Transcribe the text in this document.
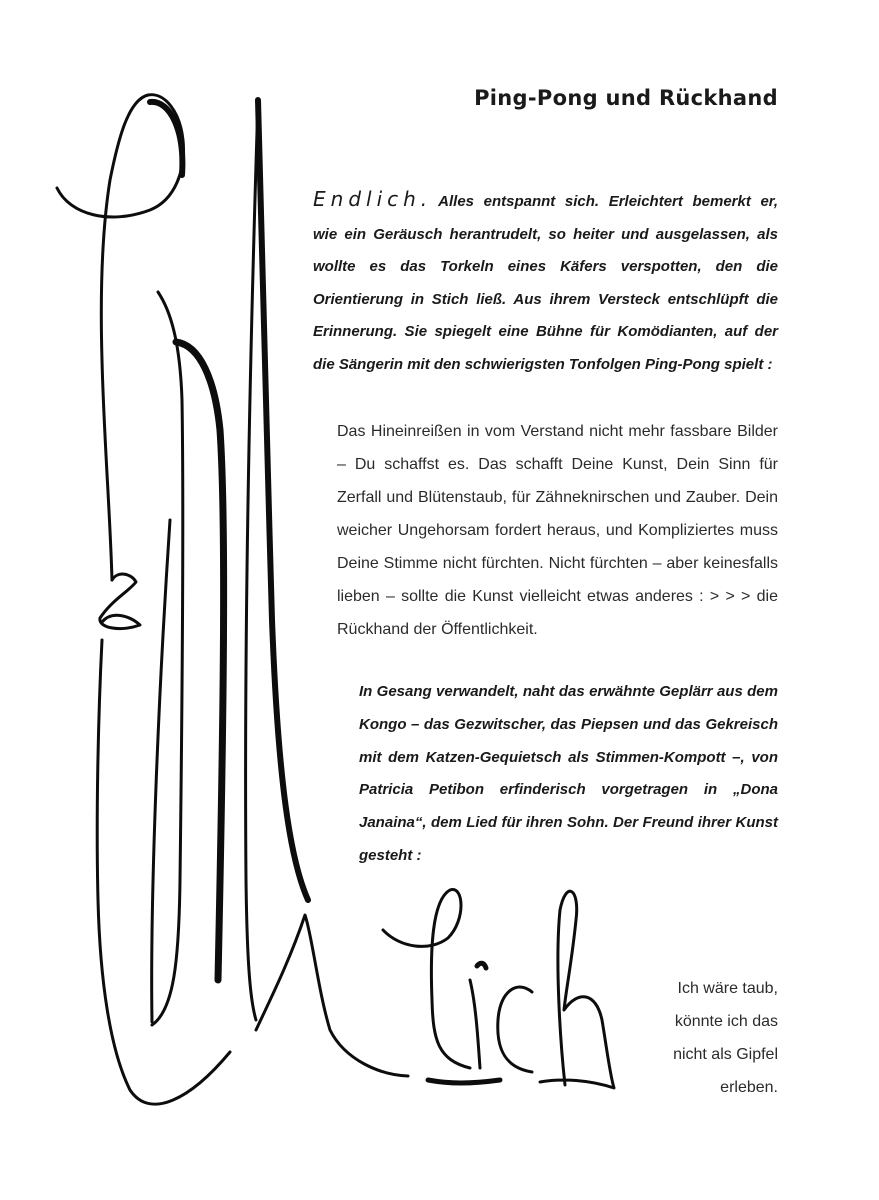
Ping-Pong und Rückhand

Endlich. Alles entspannt sich. Erleichtert bemerkt er, wie ein Geräusch herantrudelt, so heiter und ausgelassen, als wollte es das Torkeln eines Käfers verspotten, den die Orientierung in Stich ließ. Aus ihrem Versteck entschlüpft die Erinnerung. Sie spiegelt eine Bühne für Komödianten, auf der die Sängerin mit den schwierigsten Tonfolgen Ping-Pong spielt :

Das Hineinreißen in vom Verstand nicht mehr fassbare Bilder – Du schaffst es. Das schafft Deine Kunst, Dein Sinn für Zerfall und Blütenstaub, für Zähneknirschen und Zauber. Dein weicher Ungehorsam fordert heraus, und Kompliziertes muss Deine Stimme nicht fürchten. Nicht fürchten – aber keinesfalls lieben – sollte die Kunst vielleicht etwas anderes : > > > die Rückhand der Öffentlichkeit.

In Gesang verwandelt, naht das erwähnte Geplärr aus dem Kongo – das Gezwitscher, das Piepsen und das Gekreisch mit dem Katzen-Gequietsch als Stimmen-Kompott –, von Patricia Petibon erfinderisch vorgetragen in „Dona Janaina“, dem Lied für ihren Sohn. Der Freund ihrer Kunst gesteht :

Ich wäre taub,
könnte ich das
nicht als Gipfel
erleben.
